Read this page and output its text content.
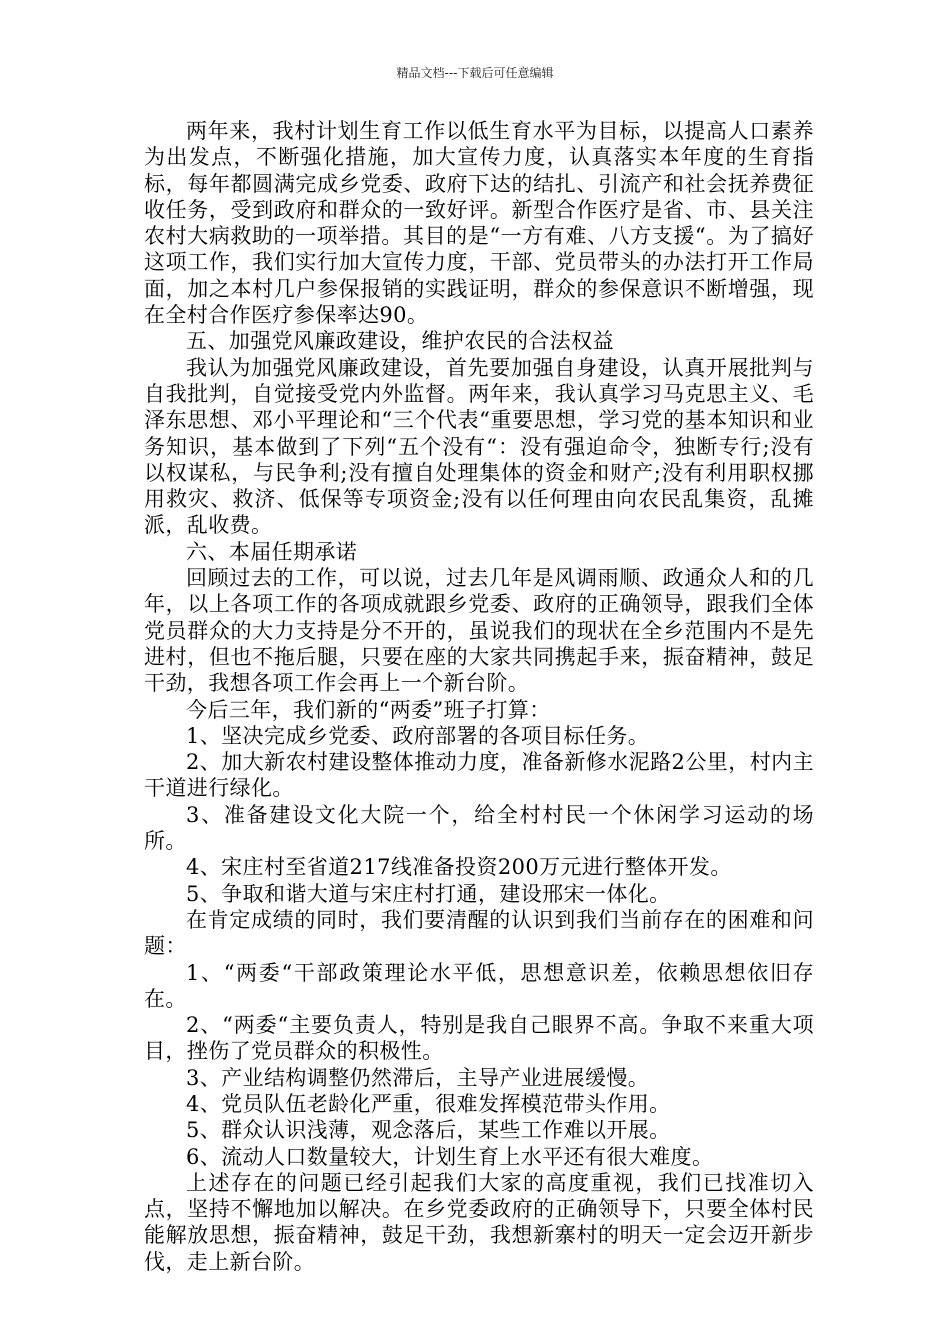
精品文档---下载后可任意编辑

两年来，我村计划生育工作以低生育水平为目标，以提高人口素养为出发点，不断强化措施，加大宣传力度，认真落实本年度的生育指标，每年都圆满完成乡党委、政府下达的结扎、引流产和社会抚养费征收任务，受到政府和群众的一致好评。新型合作医疗是省、市、县关注农村大病救助的一项举措。其目的是“一方有难、八方支援“。为了搞好这项工作，我们实行加大宣传力度，干部、党员带头的办法打开工作局面，加之本村几户参保报销的实践证明，群众的参保意识不断增强，现在全村合作医疗参保率达90。

五、加强党风廉政建设，维护农民的合法权益

我认为加强党风廉政建设，首先要加强自身建设，认真开展批判与自我批判，自觉接受党内外监督。两年来，我认真学习马克思主义、毛泽东思想、邓小平理论和“三个代表“重要思想，学习党的基本知识和业务知识，基本做到了下列“五个没有“：没有强迫命令，独断专行;没有以权谋私，与民争利;没有擅自处理集体的资金和财产;没有利用职权挪用救灾、救济、低保等专项资金;没有以任何理由向农民乱集资，乱摊派，乱收费。

六、本届任期承诺

回顾过去的工作，可以说，过去几年是风调雨顺、政通众人和的几年，以上各项工作的各项成就跟乡党委、政府的正确领导，跟我们全体党员群众的大力支持是分不开的，虽说我们的现状在全乡范围内不是先进村，但也不拖后腿，只要在座的大家共同携起手来，振奋精神，鼓足干劲，我想各项工作会再上一个新台阶。

今后三年，我们新的“两委”班子打算：

1、坚决完成乡党委、政府部署的各项目标任务。

2、加大新农村建设整体推动力度，准备新修水泥路2公里，村内主干道进行绿化。

3、准备建设文化大院一个，给全村村民一个休闲学习运动的场所。

4、宋庄村至省道217线准备投资200万元进行整体开发。

5、争取和谐大道与宋庄村打通，建设邢宋一体化。

在肯定成绩的同时，我们要清醒的认识到我们当前存在的困难和问题：

1、“两委“干部政策理论水平低，思想意识差，依赖思想依旧存在。

2、“两委“主要负责人，特别是我自己眼界不高。争取不来重大项目，挫伤了党员群众的积极性。

3、产业结构调整仍然滞后，主导产业进展缓慢。

4、党员队伍老龄化严重，很难发挥模范带头作用。

5、群众认识浅薄，观念落后，某些工作难以开展。

6、流动人口数量较大，计划生育上水平还有很大难度。

上述存在的问题已经引起我们大家的高度重视，我们已找准切入点，坚持不懈地加以解决。在乡党委政府的正确领导下，只要全体村民能解放思想，振奋精神，鼓足干劲，我想新寨村的明天一定会迈开新步伐，走上新台阶。
